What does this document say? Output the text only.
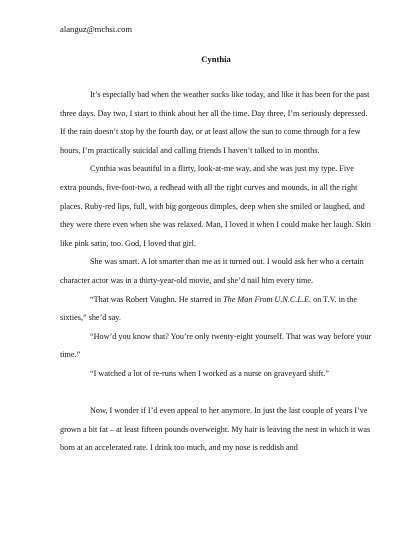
alanguz@mchsi.com
Cynthia

It’s especially bad when the weather sucks like today, and like it has been for the past three days. Day two, I start to think about her all the time. Day three, I’m seriously depressed. If the rain doesn’t stop by the fourth day, or at least allow the sun to come through for a few hours, I’m practically suicidal and calling friends I haven’t talked to in months.

Cynthia was beautiful in a flirty, look-at-me way, and she was just my type. Five extra pounds, five-foot-two, a redhead with all the right curves and mounds, in all the right places. Ruby-red lips, full, with big gorgeous dimples, deep when she smiled or laughed, and they were there even when she was relaxed. Man, I loved it when I could make her laugh. Skin like pink satin, too. God, I loved that girl.

She was smart. A lot smarter than me as it turned out. I would ask her who a certain character actor was in a thirty-year-old movie, and she’d nail him every time.

“That was Robert Vaughn. He starred in The Man From U.N.C.L.E. on T.V. in the sixties,” she’d say.

“How’d you know that? You’re only twenty-eight yourself. That was way before your time.”

“I watched a lot of re-runs when I worked as a nurse on graveyard shift.”

Now, I wonder if I’d even appeal to her anymore. In just the last couple of years I’ve grown a bit fat – at least fifteen pounds overweight. My hair is leaving the nest in which it was born at an accelerated rate. I drink too much, and my nose is reddish and
